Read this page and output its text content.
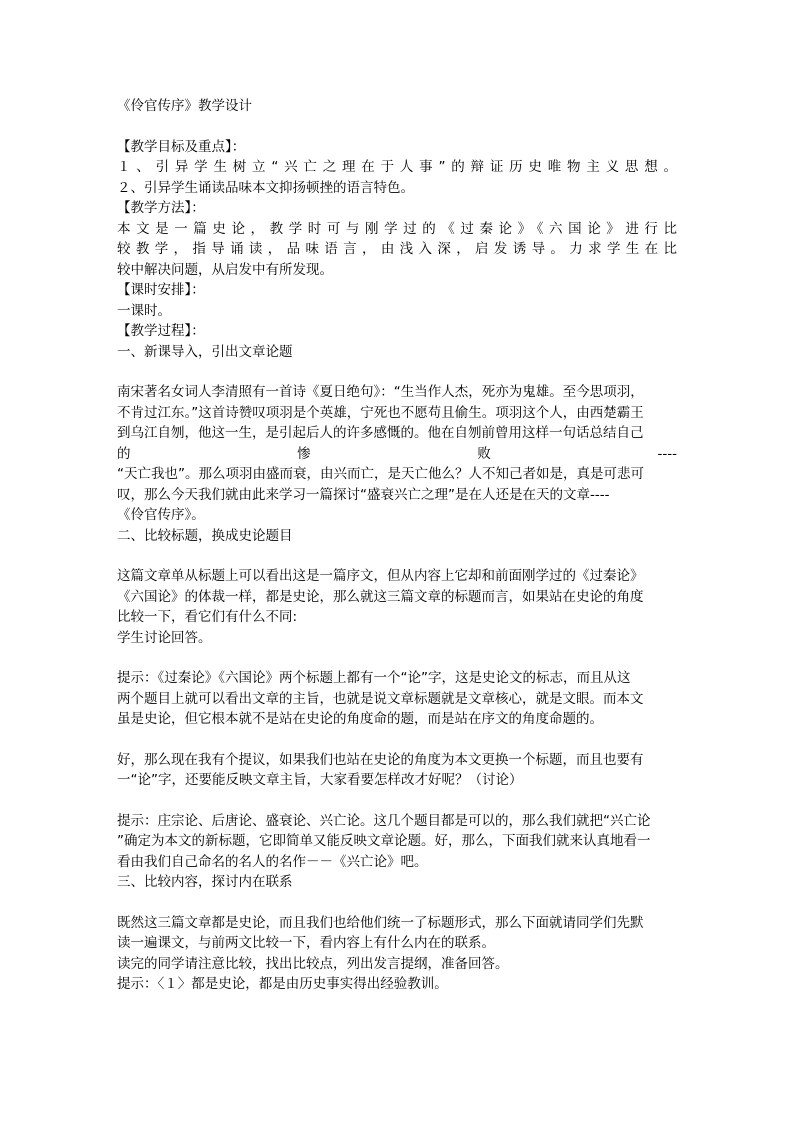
《伶官传序》教学设计
【教学目标及重点】：
１、引异学生树立“兴亡之理在于人事”的辩证历史唯物主义思想。
２、引异学生诵读品味本文抑扬顿挫的语言特色。
【教学方法】：
本文是一篇史论，教学时可与刚学过的《过秦论》《六国论》进行比
较教学，指导诵读，品味语言，由浅入深，启发诱导。力求学生在比
较中解决问题，从启发中有所发现。
【课时安排】：
一课时。
【教学过程】：
一、新课导入，引出文章论题
南宋著名女词人李清照有一首诗《夏日绝句》：“生当作人杰，死亦为鬼雄。至今思项羽，
不肯过江东。”这首诗赞叹项羽是个英雄，宁死也不愿苟且偷生。项羽这个人，由西楚霸王
到乌江自刎，他这一生，是引起后人的许多感慨的。他在自刎前曾用这样一句话总结自己
的	惨	败	----
“天亡我也”。那么项羽由盛而衰，由兴而亡，是天亡他么？人不知己者如是，真是可悲可
叹，那么今天我们就由此来学习一篇探讨“盛衰兴亡之理”是在人还是在天的文章----
《伶官传序》。
二、比较标题，换成史论题目
这篇文章单从标题上可以看出这是一篇序文，但从内容上它却和前面刚学过的《过秦论》
《六国论》的体裁一样，都是史论，那么就这三篇文章的标题而言，如果站在史论的角度
比较一下，看它们有什么不同:
学生讨论回答。
提示：《过秦论》《六国论》两个标题上都有一个“论”字，这是史论文的标志，而且从这
两个题目上就可以看出文章的主旨，也就是说文章标题就是文章核心，就是文眼。而本文
虽是史论，但它根本就不是站在史论的角度命的题，而是站在序文的角度命题的。
好，那么现在我有个提议，如果我们也站在史论的角度为本文更换一个标题，而且也要有
一“论”字，还要能反映文章主旨，大家看要怎样改才好呢？（讨论）
提示：庄宗论、后唐论、盛衰论、兴亡论。这几个题目都是可以的，那么我们就把“兴亡论
”确定为本文的新标题，它即简单又能反映文章论题。好，那么，下面我们就来认真地看一
看由我们自己命名的名人的名作－－《兴亡论》吧。
三、比较内容，探讨内在联系
既然这三篇文章都是史论，而且我们也给他们统一了标题形式，那么下面就请同学们先默
读一遍课文，与前两文比较一下，看内容上有什么内在的联系。
读完的同学请注意比较，找出比较点，列出发言提纲，准备回答。
提示：〈１〉都是史论，都是由历史事实得出经验教训。
